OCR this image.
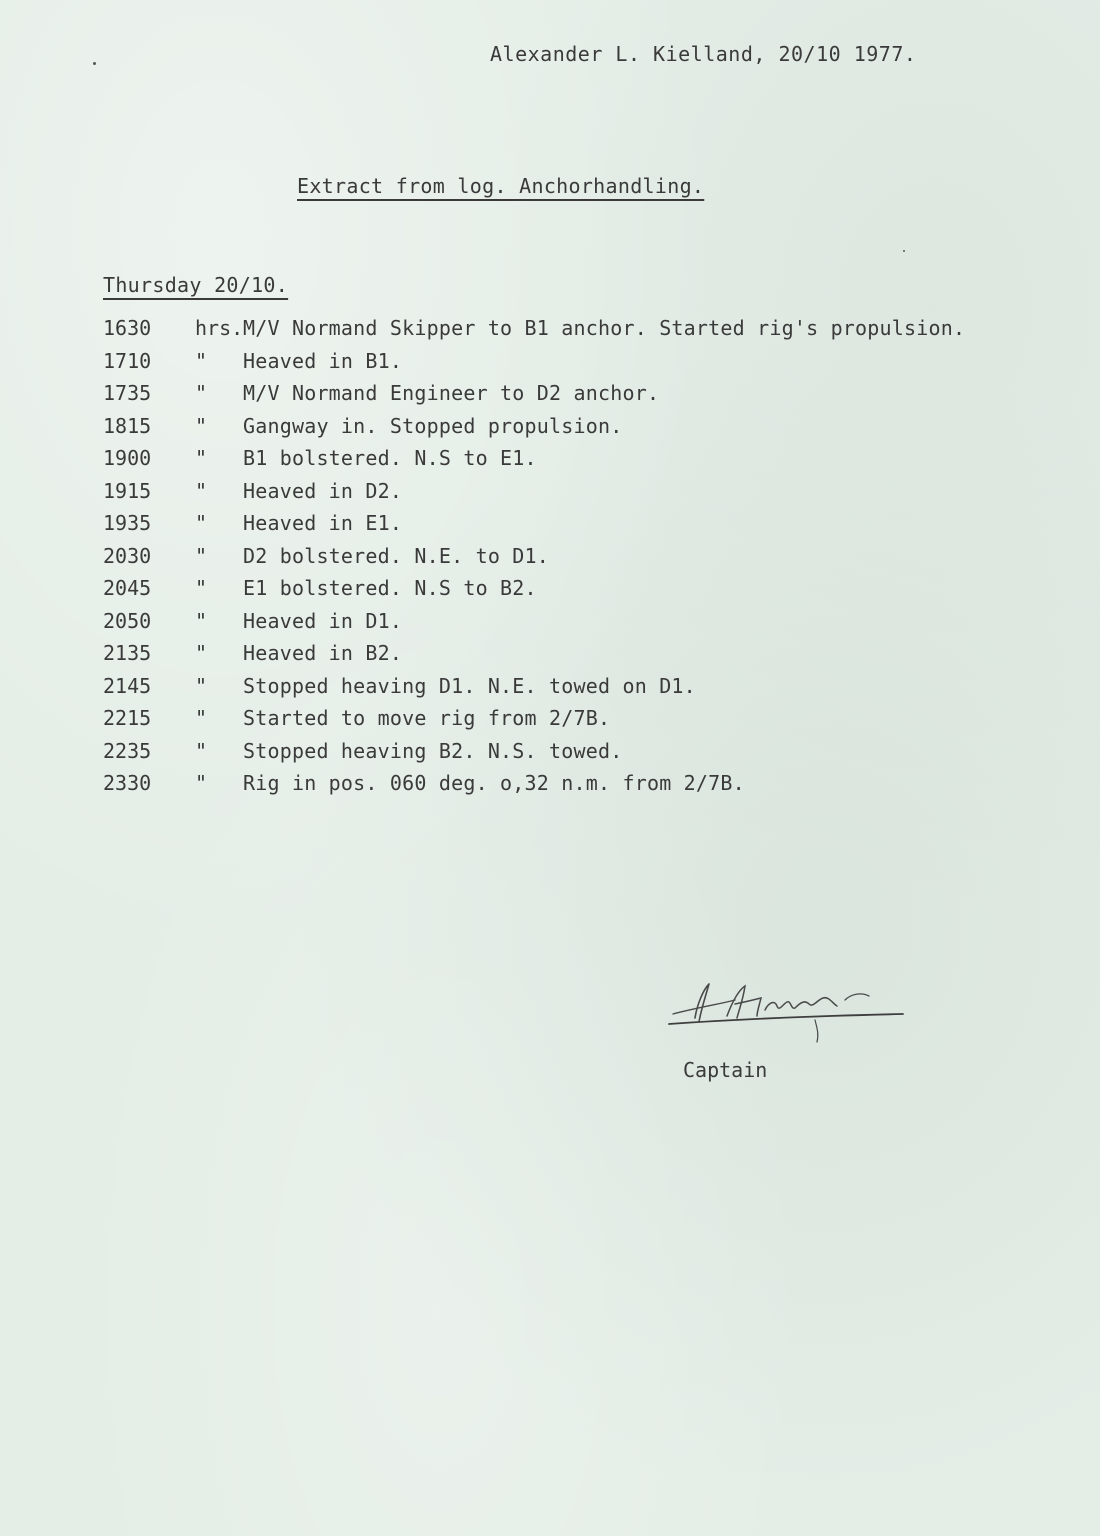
Alexander L. Kielland, 20/10 1977.
Extract from log. Anchorhandling.
Thursday 20/10.
1630	hrs. M/V Normand Skipper to B1 anchor. Started rig's propulsion.
1710	"	Heaved in B1.
1735	"	M/V Normand Engineer to D2 anchor.
1815	"	Gangway in. Stopped propulsion.
1900	"	B1 bolstered. N.S to E1.
1915	"	Heaved in D2.
1935	"	Heaved in E1.
2030	"	D2 bolstered. N.E. to D1.
2045	"	E1 bolstered. N.S to B2.
2050	"	Heaved in D1.
2135	"	Heaved in B2.
2145	"	Stopped heaving D1. N.E. towed on D1.
2215	"	Started to move rig from 2/7B.
2235	"	Stopped heaving B2. N.S. towed.
2330	"	Rig in pos. 060 deg. o,32 n.m. from 2/7B.
Captain
